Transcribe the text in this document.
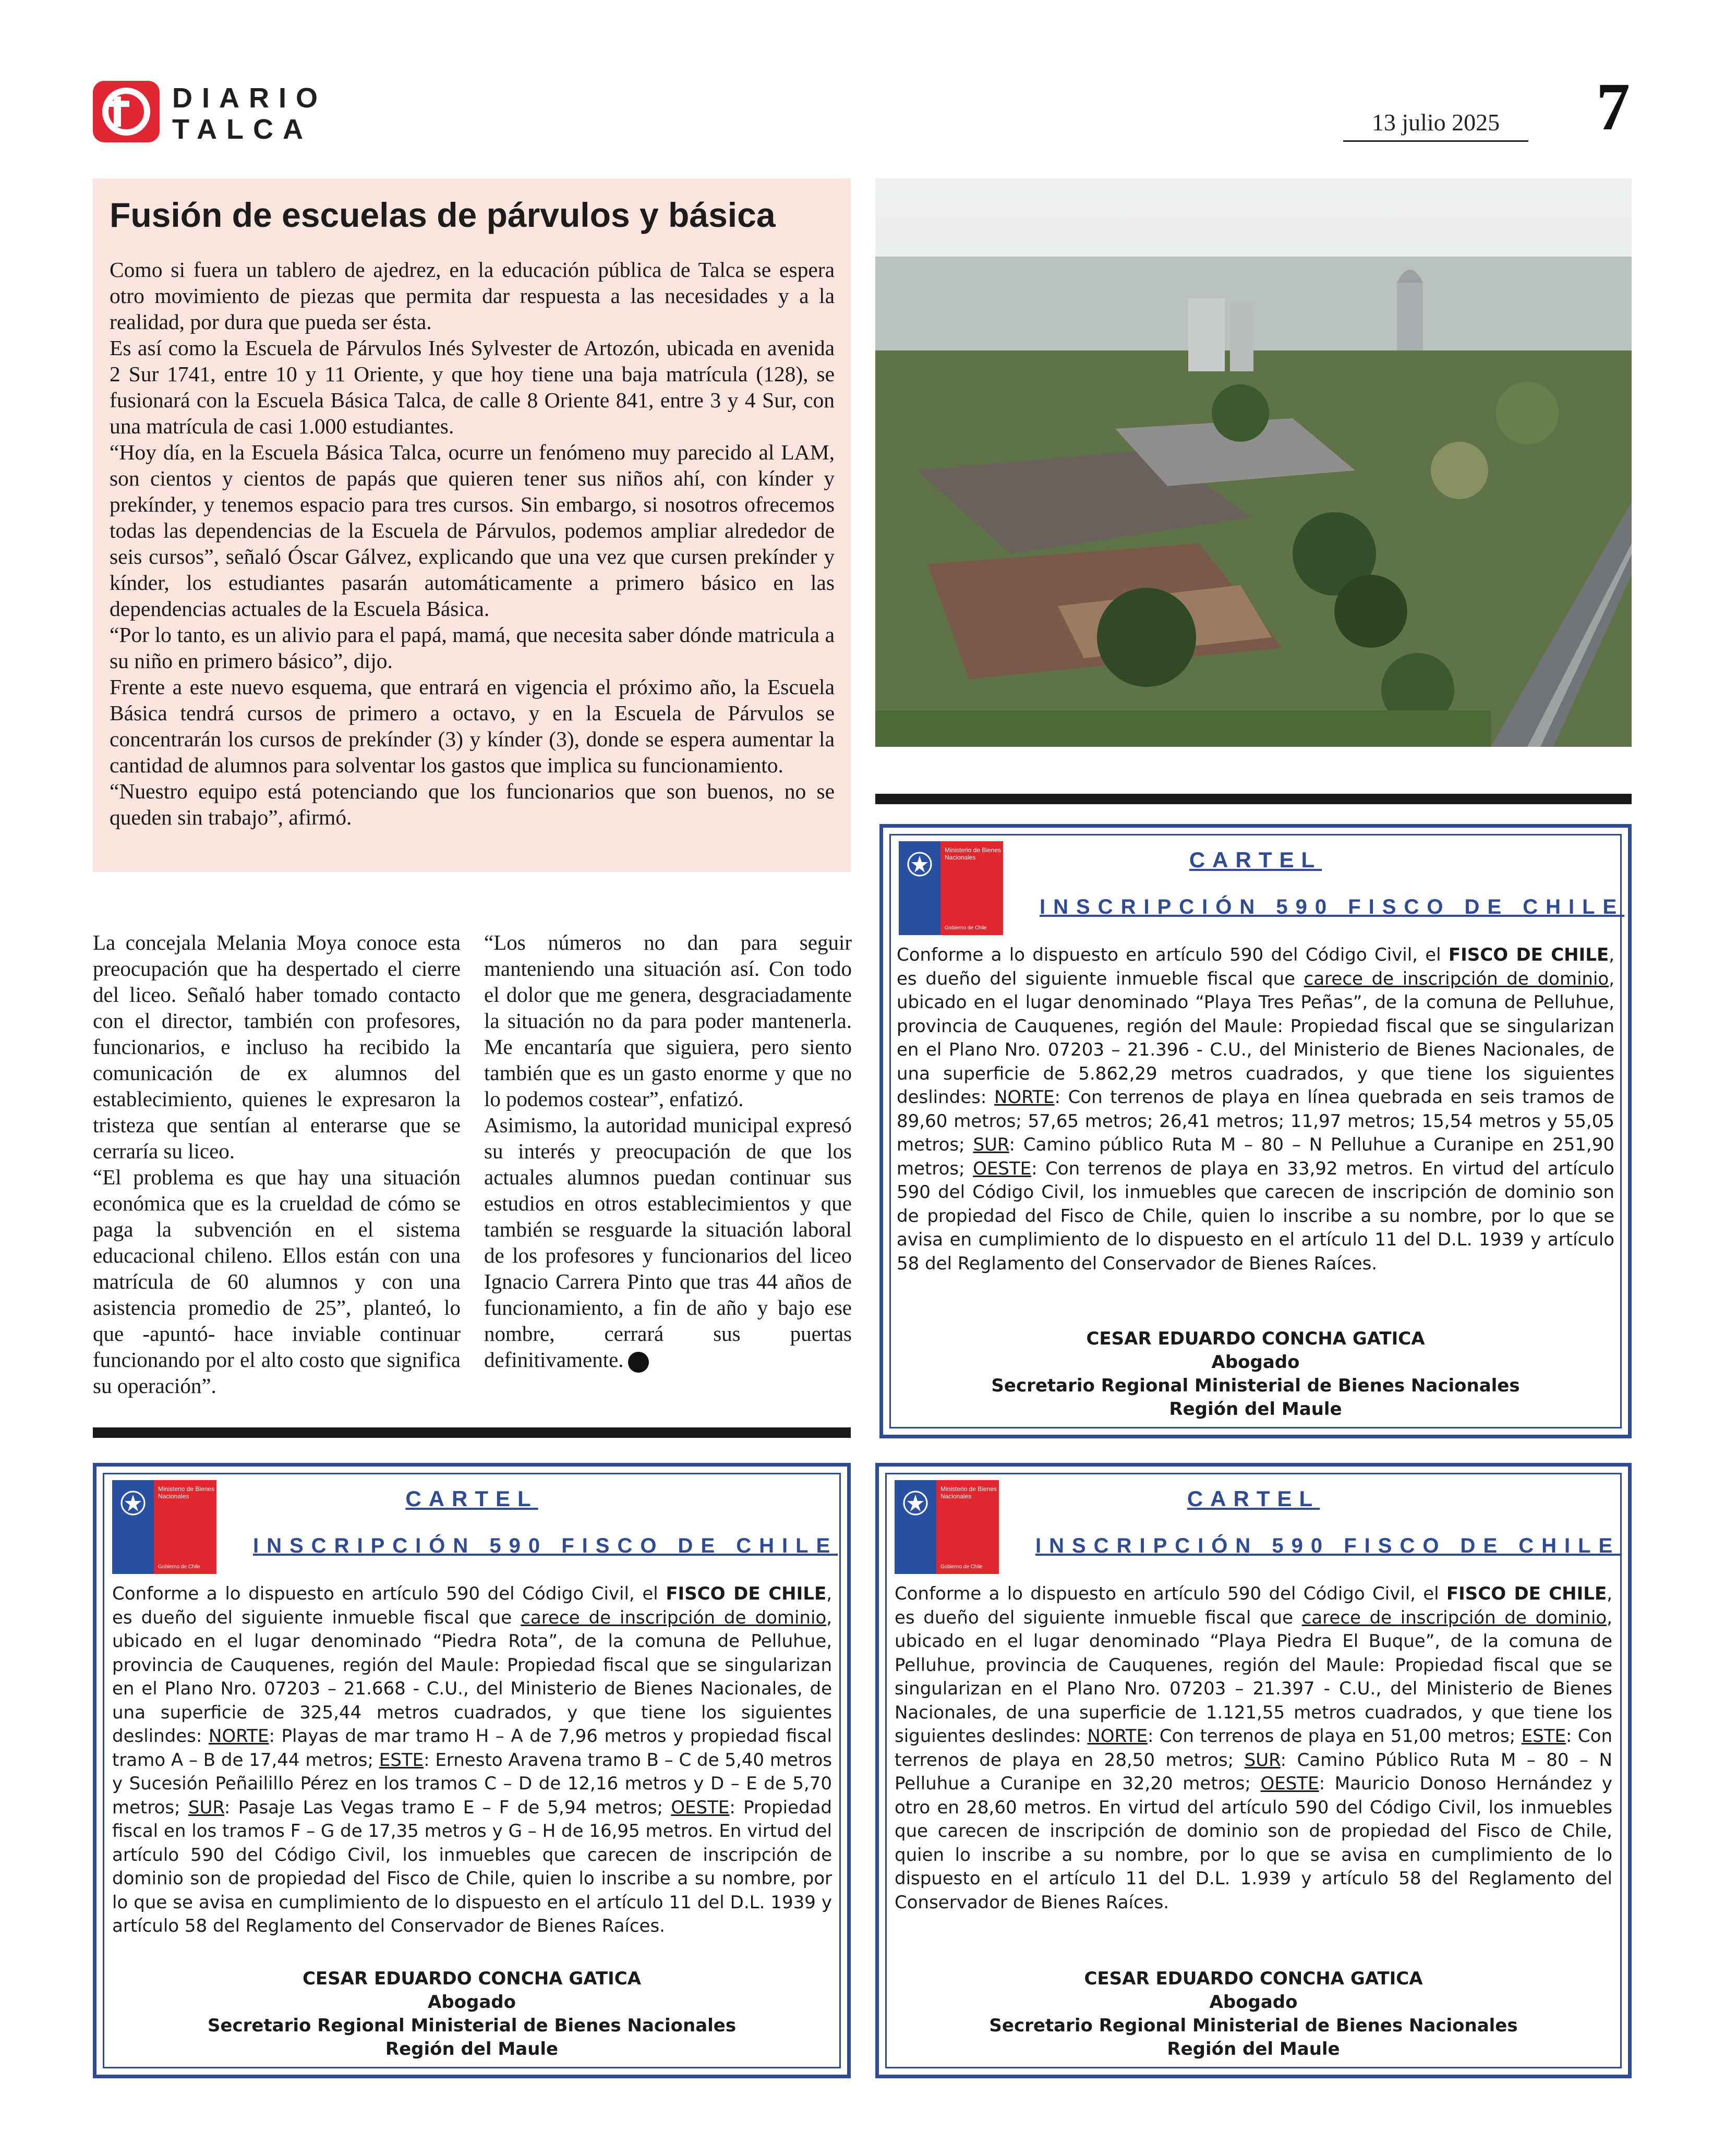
DIARIO
TALCA	13 julio 2025	7
Fusión de escuelas de párvulos y básica

Como si fuera un tablero de ajedrez, en la educación pública de Talca se espera otro movimiento de piezas que permita dar respuesta a las necesidades y a la realidad, por dura que pueda ser ésta.

Es así como la Escuela de Párvulos Inés Sylvester de Artozón, ubicada en avenida 2 Sur 1741, entre 10 y 11 Oriente, y que hoy tiene una baja matrícula (128), se fusionará con la Escuela Básica Talca, de calle 8 Oriente 841, entre 3 y 4 Sur, con una matrícula de casi 1.000 estudiantes.

“Hoy día, en la Escuela Básica Talca, ocurre un fenómeno muy parecido al LAM, son cientos y cientos de papás que quieren tener sus niños ahí, con kínder y prekínder, y tenemos espacio para tres cursos. Sin embargo, si nosotros ofrecemos todas las dependencias de la Escuela de Párvulos, podemos ampliar alrededor de seis cursos”, señaló Óscar Gálvez, explicando que una vez que cursen prekínder y kínder, los estudiantes pasarán automáticamente a primero básico en las dependencias actuales de la Escuela Básica.

“Por lo tanto, es un alivio para el papá, mamá, que necesita saber dónde matricula a su niño en primero básico”, dijo.

Frente a este nuevo esquema, que entrará en vigencia el próximo año, la Escuela Básica tendrá cursos de primero a octavo, y en la Escuela de Párvulos se concentrarán los cursos de prekínder (3) y kínder (3), donde se espera aumentar la cantidad de alumnos para solventar los gastos que implica su funcionamiento.

“Nuestro equipo está potenciando que los funcionarios que son buenos, no se queden sin trabajo”, afirmó.

La concejala Melania Moya conoce esta preocupación que ha despertado el cierre del liceo. Señaló haber tomado contacto con el director, también con profesores, funcionarios, e incluso ha recibido la comunicación de ex alumnos del establecimiento, quienes le expresaron la tristeza que sentían al enterarse que se cerraría su liceo.

“El problema es que hay una situación económica que es la crueldad de cómo se paga la subvención en el sistema educacional chileno. Ellos están con una matrícula de 60 alumnos y con una asistencia promedio de 25”, planteó, lo que -apuntó- hace inviable continuar funcionando por el alto costo que significa su operación”.

“Los números no dan para seguir manteniendo una situación así. Con todo el dolor que me genera, desgraciadamente la situación no da para poder mantenerla. Me encantaría que siguiera, pero siento también que es un gasto enorme y que no lo podemos costear”, enfatizó.

Asimismo, la autoridad municipal expresó su interés y preocupación de que los actuales alumnos puedan continuar sus estudios en otros establecimientos y que también se resguarde la situación laboral de los profesores y funcionarios del liceo Ignacio Carrera Pinto que tras 44 años de funcionamiento, a fin de año y bajo ese nombre, cerrará sus puertas definitivamente.

Ministerio de Bienes Nacionales
Gobierno de Chile
CARTEL
INSCRIPCIÓN 590 FISCO DE CHILE
Conforme a lo dispuesto en artículo 590 del Código Civil, el FISCO DE CHILE, es dueño del siguiente inmueble fiscal que carece de inscripción de dominio, ubicado en el lugar denominado “Playa Tres Peñas”, de la comuna de Pelluhue, provincia de Cauquenes, región del Maule: Propiedad fiscal que se singularizan en el Plano Nro. 07203 – 21.396 - C.U., del Ministerio de Bienes Nacionales, de una superficie de 5.862,29 metros cuadrados, y que tiene los siguientes deslindes: NORTE: Con terrenos de playa en línea quebrada en seis tramos de 89,60 metros; 57,65 metros; 26,41 metros; 11,97 metros; 15,54 metros y 55,05 metros; SUR: Camino público Ruta M – 80 – N Pelluhue a Curanipe en 251,90 metros; OESTE: Con terrenos de playa en 33,92 metros. En virtud del artículo 590 del Código Civil, los inmuebles que carecen de inscripción de dominio son de propiedad del Fisco de Chile, quien lo inscribe a su nombre, por lo que se avisa en cumplimiento de lo dispuesto en el artículo 11 del D.L. 1939 y artículo 58 del Reglamento del Conservador de Bienes Raíces.
CESAR EDUARDO CONCHA GATICA
Abogado
Secretario Regional Ministerial de Bienes Nacionales
Región del Maule
Ministerio de Bienes Nacionales
Gobierno de Chile
CARTEL
INSCRIPCIÓN 590 FISCO DE CHILE
Conforme a lo dispuesto en artículo 590 del Código Civil, el FISCO DE CHILE, es dueño del siguiente inmueble fiscal que carece de inscripción de dominio, ubicado en el lugar denominado “Piedra Rota”, de la comuna de Pelluhue, provincia de Cauquenes, región del Maule: Propiedad fiscal que se singularizan en el Plano Nro. 07203 – 21.668 - C.U., del Ministerio de Bienes Nacionales, de una superficie de 325,44 metros cuadrados, y que tiene los siguientes deslindes: NORTE: Playas de mar tramo H – A de 7,96 metros y propiedad fiscal tramo A – B de 17,44 metros; ESTE: Ernesto Aravena tramo B – C de 5,40 metros y Sucesión Peñailillo Pérez en los tramos C – D de 12,16 metros y D – E de 5,70 metros; SUR: Pasaje Las Vegas tramo E – F de 5,94 metros; OESTE: Propiedad fiscal en los tramos F – G de 17,35 metros y G – H de 16,95 metros. En virtud del artículo 590 del Código Civil, los inmuebles que carecen de inscripción de dominio son de propiedad del Fisco de Chile, quien lo inscribe a su nombre, por lo que se avisa en cumplimiento de lo dispuesto en el artículo 11 del D.L. 1939 y artículo 58 del Reglamento del Conservador de Bienes Raíces.
CESAR EDUARDO CONCHA GATICA
Abogado
Secretario Regional Ministerial de Bienes Nacionales
Región del Maule
Ministerio de Bienes Nacionales
Gobierno de Chile
CARTEL
INSCRIPCIÓN 590 FISCO DE CHILE
Conforme a lo dispuesto en artículo 590 del Código Civil, el FISCO DE CHILE, es dueño del siguiente inmueble fiscal que carece de inscripción de dominio, ubicado en el lugar denominado “Playa Piedra El Buque”, de la comuna de Pelluhue, provincia de Cauquenes, región del Maule: Propiedad fiscal que se singularizan en el Plano Nro. 07203 – 21.397 - C.U., del Ministerio de Bienes Nacionales, de una superficie de 1.121,55 metros cuadrados, y que tiene los siguientes deslindes: NORTE: Con terrenos de playa en 51,00 metros; ESTE: Con terrenos de playa en 28,50 metros; SUR: Camino Público Ruta M – 80 – N Pelluhue a Curanipe en 32,20 metros; OESTE: Mauricio Donoso Hernández y otro en 28,60 metros. En virtud del artículo 590 del Código Civil, los inmuebles que carecen de inscripción de dominio son de propiedad del Fisco de Chile, quien lo inscribe a su nombre, por lo que se avisa en cumplimiento de lo dispuesto en el artículo 11 del D.L. 1.939 y artículo 58 del Reglamento del Conservador de Bienes Raíces.
CESAR EDUARDO CONCHA GATICA
Abogado
Secretario Regional Ministerial de Bienes Nacionales
Región del Maule
